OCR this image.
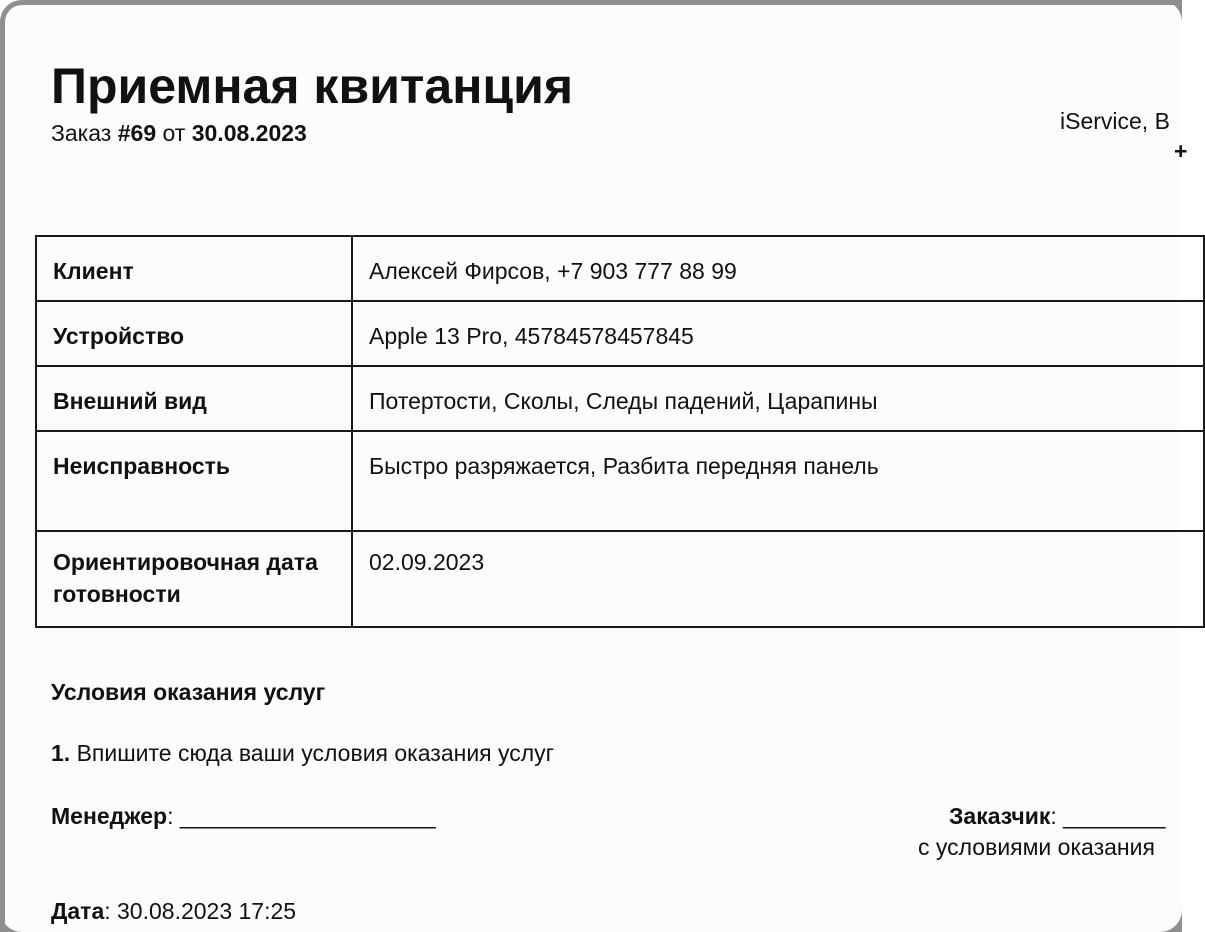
Приемная квитанция
Заказ #69 от 30.08.2023	iService, B
+
Клиент	Алексей Фирсов, +7 903 777 88 99
Устройство	Apple 13 Pro, 45784578457845
Внешний вид	Потертости, Сколы, Следы падений, Царапины
Неисправность	Быстро разряжается, Разбита передняя панель
Ориентировочная дата готовности	02.09.2023
Условия оказания услуг
1. Впишите сюда ваши условия оказания услуг
Менеджер: ____________________	Заказчик: ________
с условиями оказания
Дата: 30.08.2023 17:25
